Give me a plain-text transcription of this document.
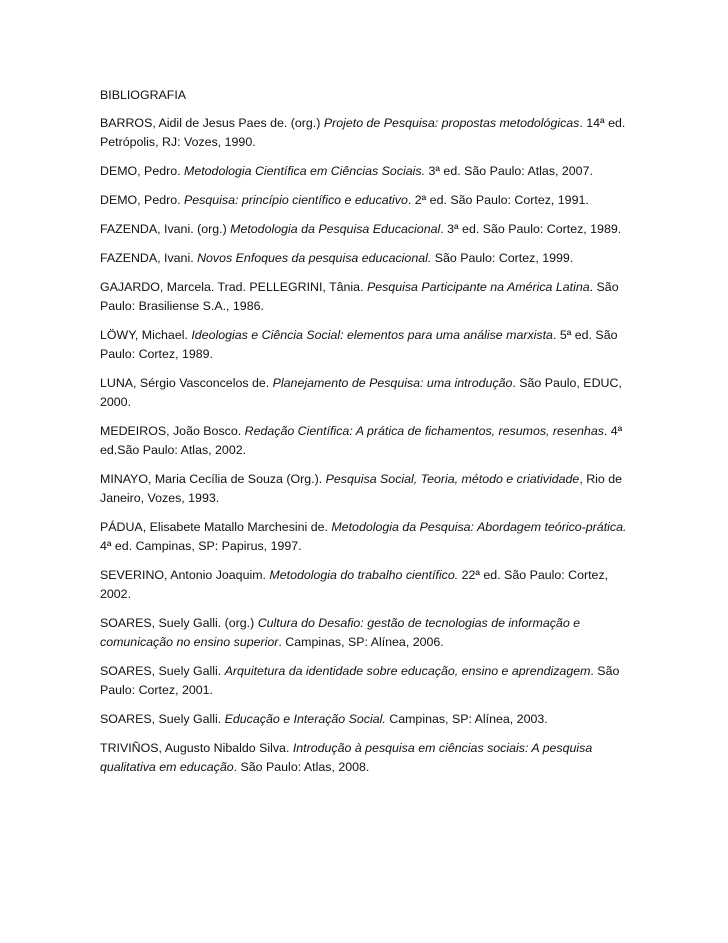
BIBLIOGRAFIA
BARROS, Aidil de Jesus Paes de. (org.) Projeto de Pesquisa: propostas metodológicas. 14ª ed. Petrópolis, RJ: Vozes, 1990.
DEMO, Pedro. Metodologia Científica em Ciências Sociais. 3ª ed. São Paulo: Atlas, 2007.
DEMO, Pedro. Pesquisa: princípio científico e educativo. 2ª ed. São Paulo: Cortez, 1991.
FAZENDA, Ivani. (org.) Metodologia da Pesquisa Educacional. 3ª ed. São Paulo: Cortez, 1989.
FAZENDA, Ivani. Novos Enfoques da pesquisa educacional. São Paulo: Cortez, 1999.
GAJARDO, Marcela. Trad. PELLEGRINI, Tânia. Pesquisa Participante na América Latina. São Paulo: Brasiliense S.A., 1986.
LÖWY, Michael. Ideologias e Ciência Social: elementos para uma análise marxista. 5ª ed. São Paulo: Cortez, 1989.
LUNA, Sérgio Vasconcelos de. Planejamento de Pesquisa: uma introdução. São Paulo, EDUC, 2000.
MEDEIROS, João Bosco. Redação Científica: A prática de fichamentos, resumos, resenhas. 4ª ed.São Paulo: Atlas, 2002.
MINAYO, Maria Cecília de Souza (Org.). Pesquisa Social, Teoria, método e criatividade, Rio de Janeiro, Vozes, 1993.
PÁDUA, Elisabete Matallo Marchesini de. Metodologia da Pesquisa: Abordagem teórico-prática. 4ª ed. Campinas, SP: Papirus, 1997.
SEVERINO, Antonio Joaquim. Metodologia do trabalho científico. 22ª ed. São Paulo: Cortez, 2002.
SOARES, Suely Galli. (org.) Cultura do Desafio: gestão de tecnologias de informação e comunicação no ensino superior. Campinas, SP: Alínea, 2006.
SOARES, Suely Galli. Arquitetura da identidade sobre educação, ensino e aprendizagem. São Paulo: Cortez, 2001.
SOARES, Suely Galli. Educação e Interação Social. Campinas, SP: Alínea, 2003.
TRIVIÑOS, Augusto Nibaldo Silva. Introdução à pesquisa em ciências sociais: A pesquisa qualitativa em educação. São Paulo: Atlas, 2008.
